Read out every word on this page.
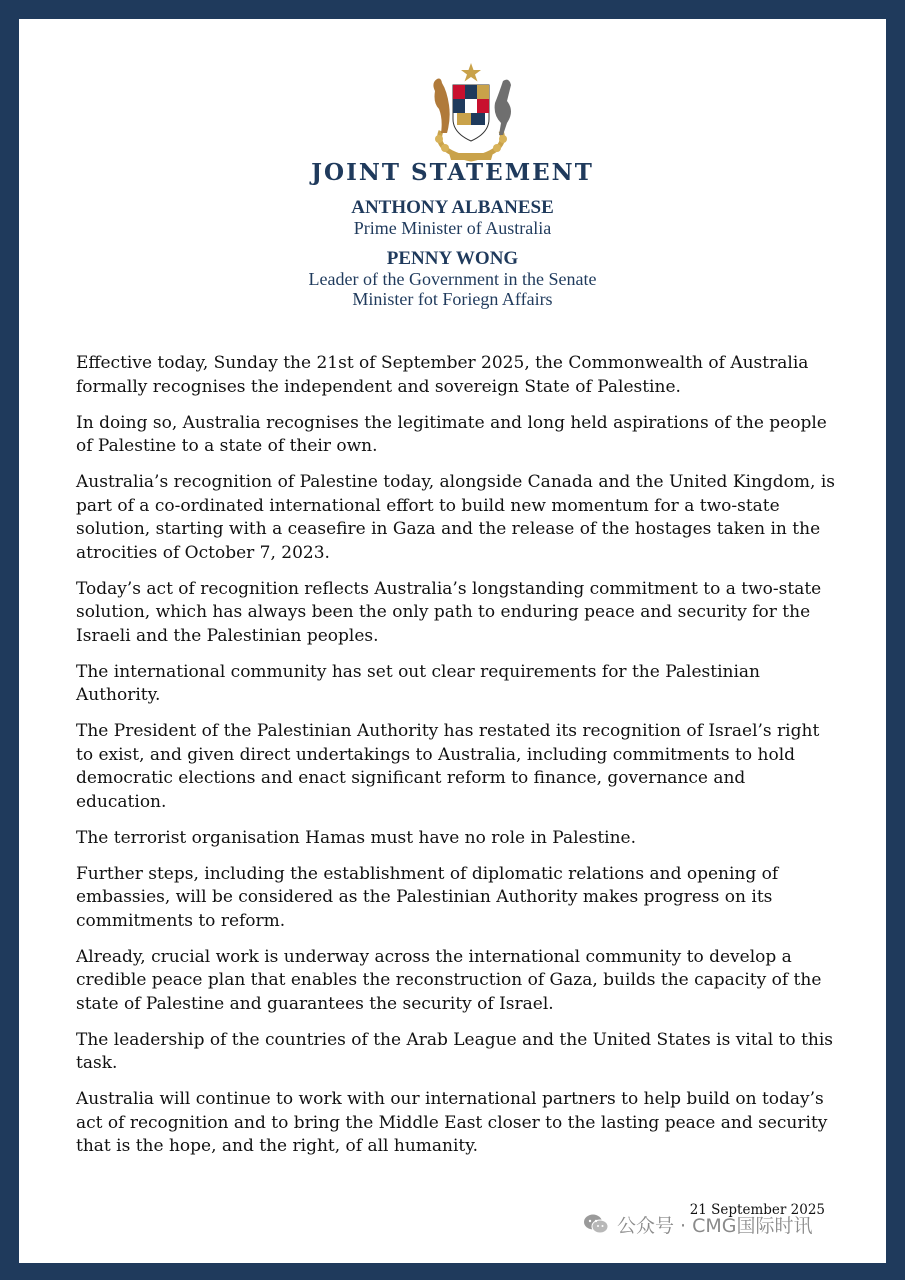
JOINT STATEMENT
ANTHONY ALBANESE
Prime Minister of Australia
PENNY WONG
Leader of the Government in the Senate
Minister fot Foriegn Affairs

Effective today, Sunday the 21st of September 2025, the Commonwealth of Australia formally recognises the independent and sovereign State of Palestine.

In doing so, Australia recognises the legitimate and long held aspirations of the people of Palestine to a state of their own.

Australia’s recognition of Palestine today, alongside Canada and the United Kingdom, is part of a co-ordinated international effort to build new momentum for a two-state solution, starting with a ceasefire in Gaza and the release of the hostages taken in the atrocities of October 7, 2023.

Today’s act of recognition reflects Australia’s longstanding commitment to a two-state solution, which has always been the only path to enduring peace and security for the Israeli and the Palestinian peoples.

The international community has set out clear requirements for the Palestinian Authority.

The President of the Palestinian Authority has restated its recognition of Israel’s right to exist, and given direct undertakings to Australia, including commitments to hold democratic elections and enact significant reform to finance, governance and education.

The terrorist organisation Hamas must have no role in Palestine.

Further steps, including the establishment of diplomatic relations and opening of embassies, will be considered as the Palestinian Authority makes progress on its commitments to reform.

Already, crucial work is underway across the international community to develop a credible peace plan that enables the reconstruction of Gaza, builds the capacity of the state of Palestine and guarantees the security of Israel.

The leadership of the countries of the Arab League and the United States is vital to this task.

Australia will continue to work with our international partners to help build on today’s act of recognition and to bring the Middle East closer to the lasting peace and security that is the hope, and the right, of all humanity.

21 September 2025
公众号 · CMG国际时讯
